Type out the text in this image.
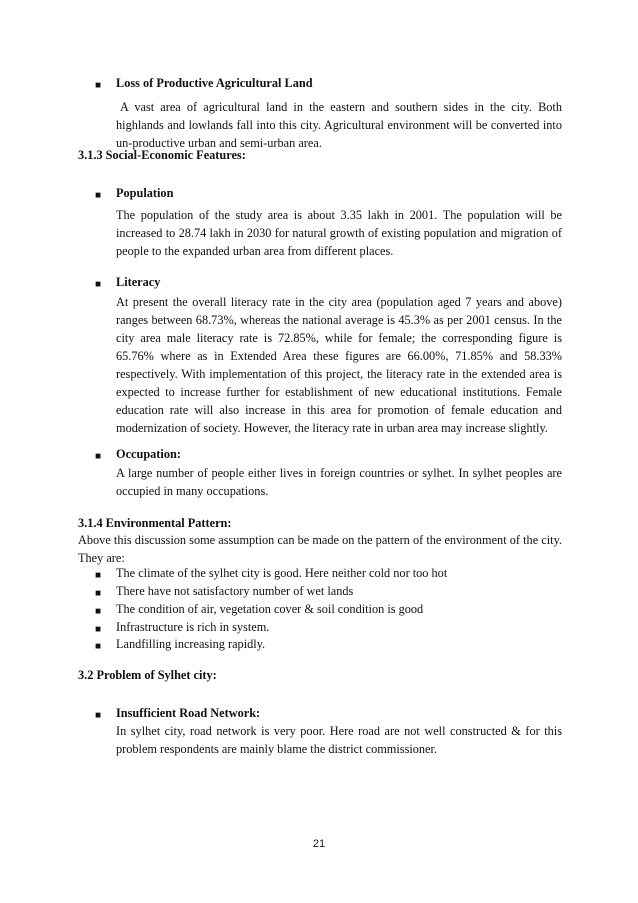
■ Loss of Productive Agricultural Land
A vast area of agricultural land in the eastern and southern sides in the city. Both highlands and lowlands fall into this city. Agricultural environment will be converted into un-productive urban and semi-urban area.
3.1.3 Social-Economic Features:
■ Population
The population of the study area is about 3.35 lakh in 2001. The population will be increased to 28.74 lakh in 2030 for natural growth of existing population and migration of people to the expanded urban area from different places.
■ Literacy
At present the overall literacy rate in the city area (population aged 7 years and above) ranges between 68.73%, whereas the national average is 45.3% as per 2001 census. In the city area male literacy rate is 72.85%, while for female; the corresponding figure is 65.76% where as in Extended Area these figures are 66.00%, 71.85% and 58.33% respectively. With implementation of this project, the literacy rate in the extended area is expected to increase further for establishment of new educational institutions. Female education rate will also increase in this area for promotion of female education and modernization of society. However, the literacy rate in urban area may increase slightly.
■ Occupation:
A large number of people either lives in foreign countries or sylhet. In sylhet peoples are occupied in many occupations.
3.1.4 Environmental Pattern:
Above this discussion some assumption can be made on the pattern of the environment of the city. They are:
■ The climate of the sylhet city is good. Here neither cold nor too hot
■ There have not satisfactory number of wet lands
■ The condition of air, vegetation cover & soil condition is good
■ Infrastructure is rich in system.
■ Landfilling increasing rapidly.
3.2 Problem of Sylhet city:
■ Insufficient Road Network:
In sylhet city, road network is very poor. Here road are not well constructed & for this problem respondents are mainly blame the district commissioner.
21
